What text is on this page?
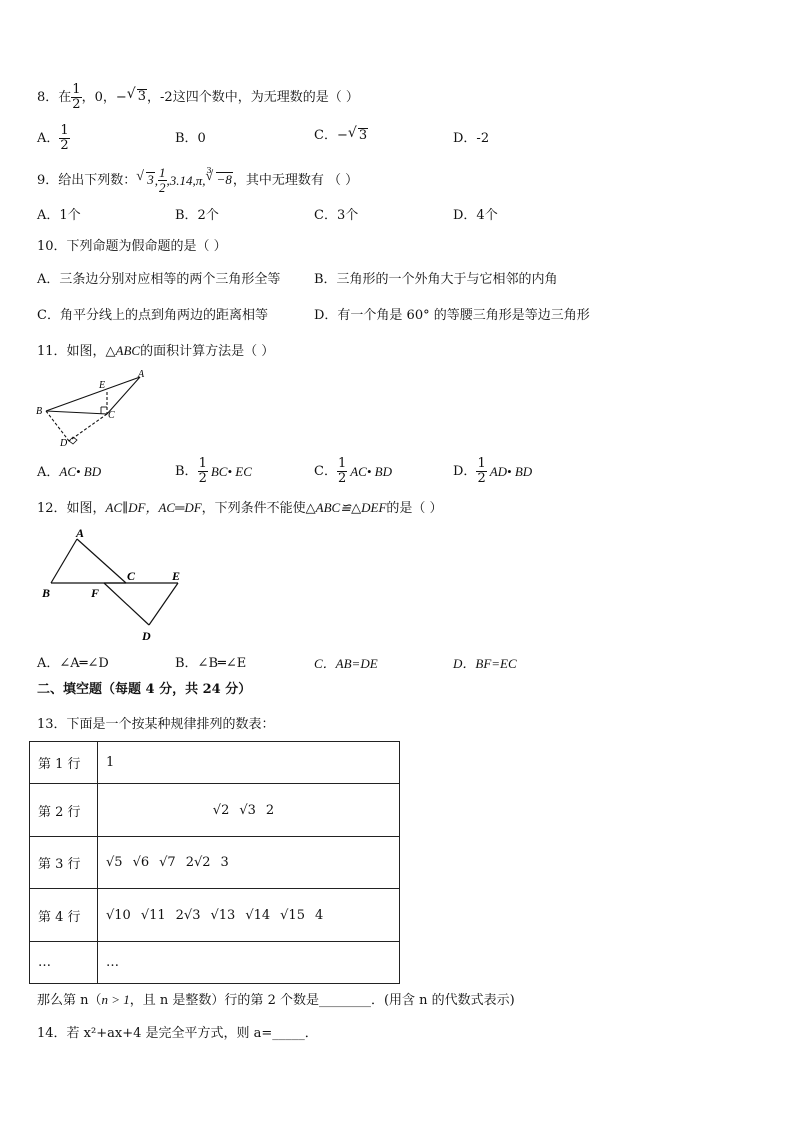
8．在 $\frac{1}{2}$ ，0， − √ 3 ，-2这四个数中，为无理数的是（ ）
A． $\frac{1}{2}$	B．0	C． − √ 3	D．-2
9．给出下列数： √ 3 , $\frac{1}{2} ,3.14,\pi$,
3
√ −8 ，其中无理数有 （ ）
A．1个	B．2个	C．3个	D．4个
10．下列命题为假命题的是（ ）
A．三条边分别对应相等的两个三角形全等	B．三角形的一个外角大于与它相邻的内角
C．角平分线上的点到角两边的距离相等	D．有一个角是 60° 的等腰三角形是等边三角形
11．如图，△ABC的面积计算方法是（ ）
A
B	C
D
E
A．AC• BD	B． $\frac{1}{2}$ BC• EC	C． $\frac{1}{2}$ AC• BD	D． $\frac{1}{2}$ AD• BD
12．如图，AC∥DF，AC═DF，下列条件不能使△ABC≌△DEF的是（ ）
A
B
C
D
E
F
A．∠A═∠D	B．∠B═∠E	C．AB=DE	D．BF=EC
二、填空题（每题 4 分，共 24 分）
13．下面是一个按某种规律排列的数表：
第 1 行	1
第 2 行	√2 √3 2
第 3 行	√5 √6 √7 2√2 3
第 4 行	√10 √11 2√3 √13 √14 √15 4
…	…
那么第 n（n > 1，且 n 是整数）行的第 2 个数是________．(用含 n 的代数式表示)
14．若 x²+ax+4 是完全平方式，则 a=_____．
